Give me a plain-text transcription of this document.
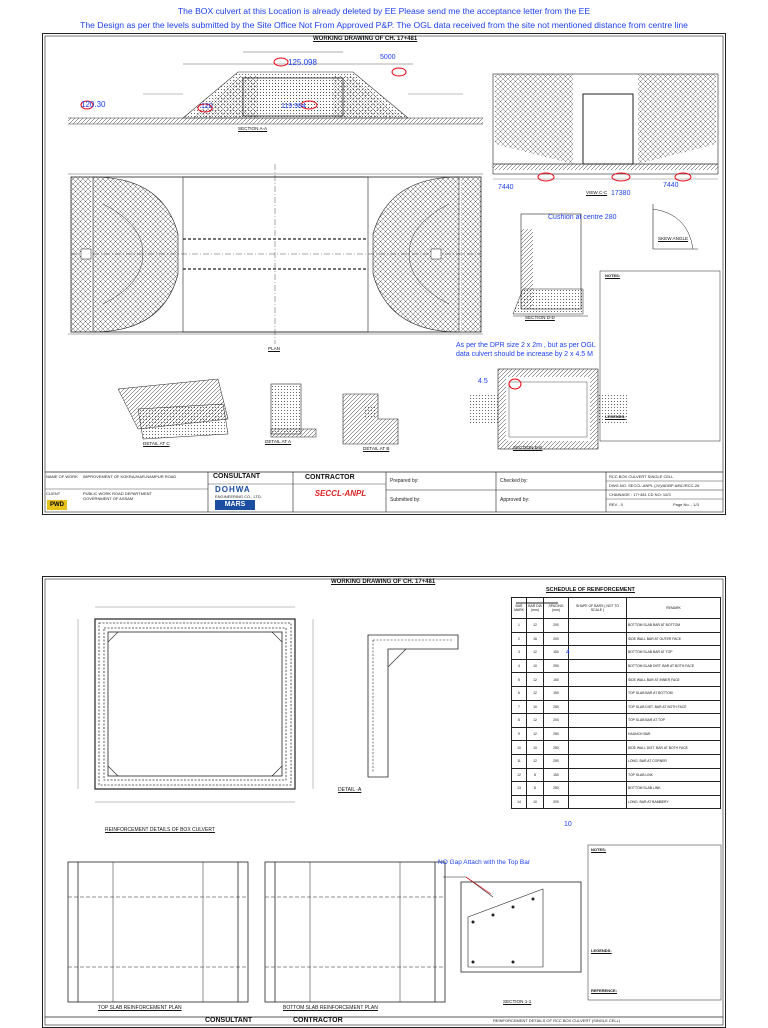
The BOX culvert at this Location is already deleted by EE Please send me the acceptance letter from the EE
The Design as per the levels submitted by the Site Office Not From Approved P&P. The OGL data received from the site not mentioned distance from centre line
WORKING DRAWING OF CH. 17+481
SECTION A-A
PLAN
VIEW C-C
SKEW ANGLE
SECTION D-D
SECTION E-E
DETAIL AT C	DETAIL AT A
DETAIL AT B
NOTES:
LEGENDS:
125.098
5000
120.30	120	119.984
7440
17380
7440
Cushion at centre 280
As per the DPR size 2 x 2m , but as per OGL data culvert should be increase by 2 x 4.5 M
4.5
NAME OF WORK IMPROVEMENT OF KOKRAJHAR-NAMPUR ROAD
CLIENT	PUBLIC WORK ROAD DEPARTMENT GOVERNMENT OF ASSAM
PWD
CONSULTANT
DOHWA
ENGINEERING CO., LTD.
MARS
CONTRACTOR
SECCL-ANPL
Prepared by:	Checked by:
Submitted by:	Approved by:
RCC BOX CULVERT SINGLE CELL
DWG.NO. SECCL-ANPL (JV)/ADBP-6/BC/RCC-26
CHAINAGE : 17+481 CD NO: 10/3
REV - 0	Page No. - 1/3
WORKING DRAWING OF CH. 17+481
REINFORCEMENT DETAILS OF BOX CULVERT
DETAIL -A
TOP SLAB REINFORCEMENT PLAN	BOTTOM SLAB REINFORCEMENT PLAN
SECTION 1-1
NO Gap Attach with the Top Bar
SCHEDULE OF REINFORCEMENT
BAR MARK	BAR DIA (mm)	SPACING (mm)	SHAPE OF BARS ( NOT TO SCALE )	REMARK
1	12	200		BOTTOM SLAB BAR AT BOTTOM
2	16	200		SIDE WALL BAR AT OUTER FACE
3	12	150		BOTTOM SLAB BAR AT TOP
4	10	250		BOTTOM SLAB DIST. BAR AT BOTH FACE
5	12	150		SIDE WALL BAR AT INNER FACE
6	12	150		TOP SLAB BAR AT BOTTOM
7	10	250		TOP SLAB DIST. BAR AT BOTH FACE
8	12	200		TOP SLAB BAR AT TOP
9	12	250		HAUNCH BAR
10	10	250		SIDE WALL DIST. BAR AT BOTH FACE
11	12	250		LONG. BAR AT CORNER
12	8	150		TOP SLAB LINK
13	8	250		BOTTOM SLAB LINK
14	10	200		LONG. BAR AT BAMBERY
4
10
NOTES:
LEGENDS:
REFERENCE:
CONSULTANT	CONTRACTOR	REINFORCEMENT DETAILS OF RCC BOX CULVERT (SINGLE CELL)
